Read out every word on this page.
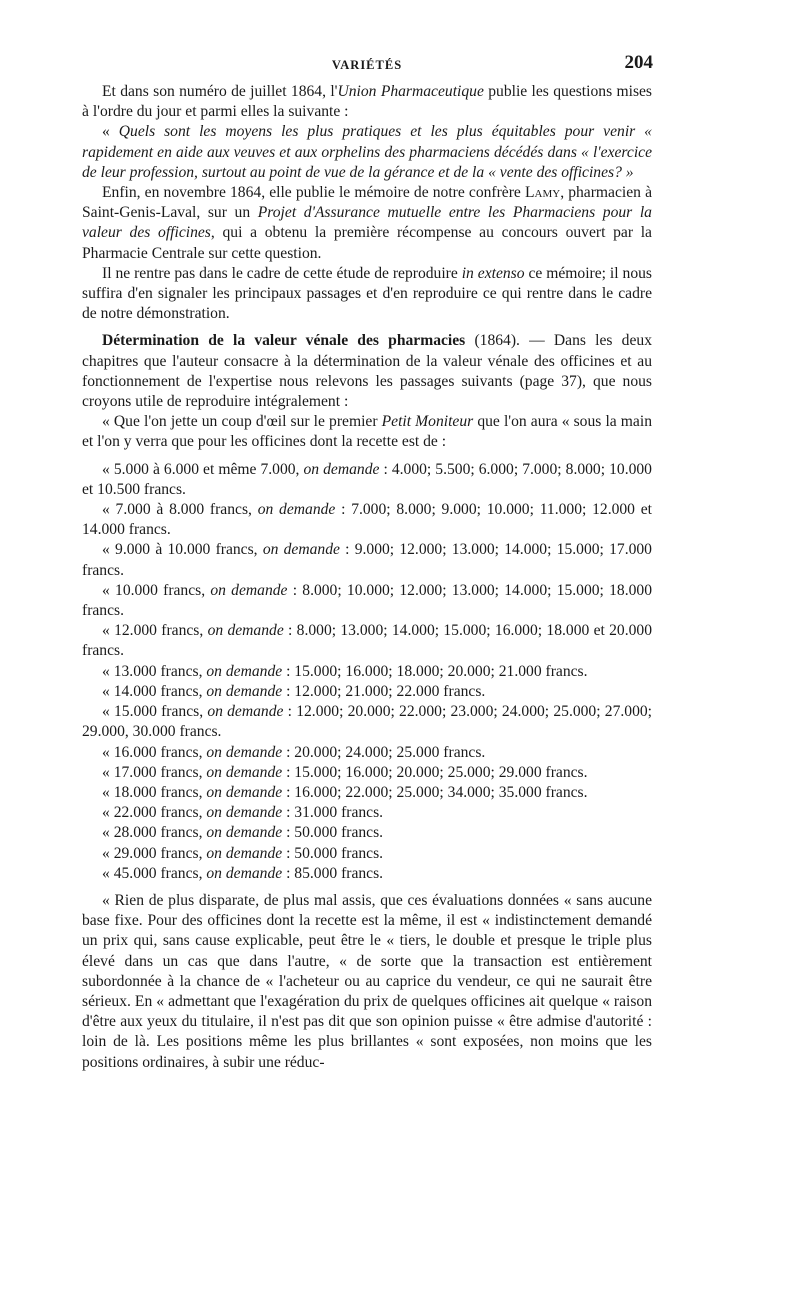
VARIÉTÉS	204

Et dans son numéro de juillet 1864, l'Union Pharmaceutique publie les questions mises à l'ordre du jour et parmi elles la suivante :

« Quels sont les moyens les plus pratiques et les plus équitables pour venir « rapidement en aide aux veuves et aux orphelins des pharmaciens décédés dans « l'exercice de leur profession, surtout au point de vue de la gérance et de la « vente des officines? »

Enfin, en novembre 1864, elle publie le mémoire de notre confrère Lamy, pharmacien à Saint-Genis-Laval, sur un Projet d'Assurance mutuelle entre les Pharmaciens pour la valeur des officines, qui a obtenu la première récompense au concours ouvert par la Pharmacie Centrale sur cette question.

Il ne rentre pas dans le cadre de cette étude de reproduire in extenso ce mémoire; il nous suffira d'en signaler les principaux passages et d'en reproduire ce qui rentre dans le cadre de notre démonstration.

Détermination de la valeur vénale des pharmacies (1864). — Dans les deux chapitres que l'auteur consacre à la détermination de la valeur vénale des officines et au fonctionnement de l'expertise nous relevons les passages suivants (page 37), que nous croyons utile de reproduire intégralement :

« Que l'on jette un coup d'œil sur le premier Petit Moniteur que l'on aura « sous la main et l'on y verra que pour les officines dont la recette est de :

« 5.000 à 6.000 et même 7.000, on demande : 4.000; 5.500; 6.000; 7.000; 8.000; 10.000 et 10.500 francs.

« 7.000 à 8.000 francs, on demande : 7.000; 8.000; 9.000; 10.000; 11.000; 12.000 et 14.000 francs.

« 9.000 à 10.000 francs, on demande : 9.000; 12.000; 13.000; 14.000; 15.000; 17.000 francs.

« 10.000 francs, on demande : 8.000; 10.000; 12.000; 13.000; 14.000; 15.000; 18.000 francs.

« 12.000 francs, on demande : 8.000; 13.000; 14.000; 15.000; 16.000; 18.000 et 20.000 francs.

« 13.000 francs, on demande : 15.000; 16.000; 18.000; 20.000; 21.000 francs.

« 14.000 francs, on demande : 12.000; 21.000; 22.000 francs.

« 15.000 francs, on demande : 12.000; 20.000; 22.000; 23.000; 24.000; 25.000; 27.000; 29.000, 30.000 francs.

« 16.000 francs, on demande : 20.000; 24.000; 25.000 francs.

« 17.000 francs, on demande : 15.000; 16.000; 20.000; 25.000; 29.000 francs.

« 18.000 francs, on demande : 16.000; 22.000; 25.000; 34.000; 35.000 francs.

« 22.000 francs, on demande : 31.000 francs.

« 28.000 francs, on demande : 50.000 francs.

« 29.000 francs, on demande : 50.000 francs.

« 45.000 francs, on demande : 85.000 francs.

« Rien de plus disparate, de plus mal assis, que ces évaluations données « sans aucune base fixe. Pour des officines dont la recette est la même, il est « indistinctement demandé un prix qui, sans cause explicable, peut être le « tiers, le double et presque le triple plus élevé dans un cas que dans l'autre, « de sorte que la transaction est entièrement subordonnée à la chance de « l'acheteur ou au caprice du vendeur, ce qui ne saurait être sérieux. En « admettant que l'exagération du prix de quelques officines ait quelque « raison d'être aux yeux du titulaire, il n'est pas dit que son opinion puisse « être admise d'autorité : loin de là. Les positions même les plus brillantes « sont exposées, non moins que les positions ordinaires, à subir une réduc-
